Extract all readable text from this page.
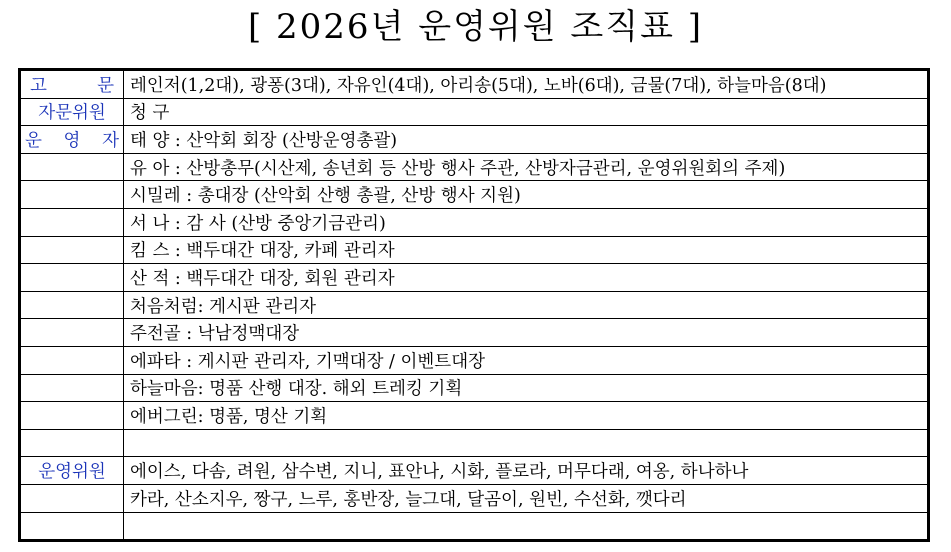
[ 2026년 운영위원 조직표 ]
고 문	레인저(1,2대), 광퐁(3대), 자유인(4대), 아리송(5대), 노바(6대), 금물(7대), 하늘마음(8대)
자문위원	청 구
운 영 자	태 양 : 산악회 회장 (산방운영총괄)
	유 아 : 산방총무(시산제, 송년회 등 산방 행사 주관, 산방자금관리, 운영위원회의 주제)
	시밀레 : 총대장 (산악회 산행 총괄, 산방 행사 지원)
	서 나 : 감 사 (산방 중앙기금관리)
	킴 스 : 백두대간 대장, 카페 관리자
	산 적 : 백두대간 대장, 회원 관리자
	처음처럼: 게시판 관리자
	주전골 : 낙남정맥대장
	에파타 : 게시판 관리자, 기맥대장 / 이벤트대장
	하늘마음: 명품 산행 대장. 해외 트레킹 기획
	에버그린: 명품, 명산 기획

운영위원	에이스, 다솜, 려원, 삼수변, 지니, 표안나, 시화, 플로라, 머무다래, 여옹, 하나하나
	카라, 산소지우, 짱구, 느루, 홍반장, 늘그대, 달곰이, 원빈, 수선화, 깻다리
